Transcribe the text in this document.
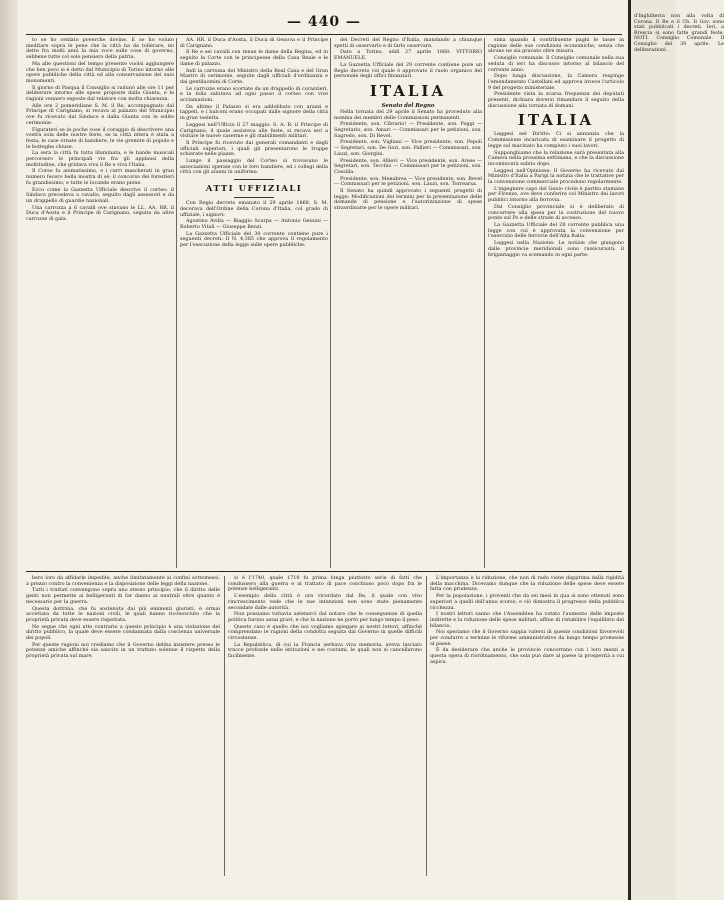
— 440 —

to se ho cenlato poverche dovine. E se ho voluto meditare sopra le pene che la città ha da tollerare, mi dette fra molti anni la mia voce sulle cose di governo, sebbene tutte col solo pensiero della patria.

Ma alle questioni del tempo presente vuolsi aggiungere che ben poco si è detto dal Municipio di Torino intorno alle opere pubbliche della città ed alla conservazione dei suoi monumenti.

Il giorno di Pasqua il Consiglio si radunò alle ore 11 per deliberare intorno alle spese proposte dalla Giunta, e le ragioni vennero esposte dal relatore con molta chiarezza.

Alle ore 2 pomeridiane S. M. il Re, accompagnato dal Principe di Carignano, si recava al palazzo del Municipio ove fu ricevuto dal Sindaco e dalla Giunta con le solite cerimonie.

Figuratevi se in poche cose il coraggio di descrivere una vostra sola delle nostre feste, se la città intera è stata a festa; le case ornate di bandiere, le vie gremite di popolo e le botteghe chiuse.

La sera la città fu tutta illuminata, e le bande musicali percorsero le principali vie fra gli applausi della moltitudine, che gridava viva il Re e viva l'Italia.

Il Corso fu animatissimo, e i carri mascherati in gran numero fecero bella mostra di sé; il concorso dei forestieri fu grandissimo, e tutte le locande erano piene.

Ecco come la Gazzetta Ufficiale descrive il corteo: il Sindaco precedeva a cavallo, seguito dagli assessori e da un drappello di guardie nazionali.

Una carrozza a 6 cavalli ove stavano le LL. AA. RR. il Duca d'Aosta e il Principe di Carignano, seguita da altre carrozze di gala.

AA. RR. il Duca d'Aosta, il Duca di Genova e il Principe di Carignano.

Il Re e sei cavalli con tenue le dame della Regina, ed in seguito la Corte con le principesse della Casa Reale e le dame di palazzo.

Indi la carrozza del Ministro della Real Casa e del Gran Mastro di cerimonie, seguite dagli ufficiali d'ordinanza e dai gentiluomini di Corte.

Le carrozze erano scortate da un drappello di corazzieri, e la folla salutava ad ogni passo il corteo con vive acclamazioni.

Da ultimo il Palazzo si era addobbato con arazzi e tappeti, e i balconi erano occupati dalle signore della città in gran toeletta.

Leggesi nell'Ufficio il 27 maggio: S. A. R. il Principe di Carignano, il quale assisteva alle feste, si recava ieri a visitare le nuove caserme e gli stabilimenti militari.

Il Principe fu ricevuto dai generali comandanti e dagli ufficiali superiori, i quali gli presentarono le truppe schierate nelle piazze.

Lungo il passaggio del Corteo si trovavano le associazioni operaie con le loro bandiere, ed i collegi della città con gli alunni in uniforme.

ATTI UFFIZIALI

Con Regio decreto emanato il 29 aprile 1868, S. M. decorava dell'Ordine della Corona d'Italia, col grado di uffiziale, i signori:

Agostino Avilla — Biaggio Scarpa — Antonio Gessini — Roberto Vitali — Giuseppe Benzi.

La Gazzetta Ufficiale del 30 corrente contiene pure i seguenti decreti: Il N. 4,385 che approva il regolamento per l'esecuzione della legge sulle opere pubbliche.

dei Decreti del Regno d'Italia, mandando a chiunque spetti di osservarlo e di farlo osservare.

Dato a Torino, addì 27 aprile 1868. VITTORIO EMANUELE.

La Gazzetta Ufficiale del 29 corrente contiene pure un Regio decreto col quale è approvato il ruolo organico del personale degli uffici finanziari.

ITALIA
Senato del Regno

Nella tornata del 29 aprile il Senato ha proceduto alla nomina dei membri delle Commissioni permanenti.

Presidente, son. Cibrario! — Presidente, son. Poggi — Segretario, son. Amari — Commissari per le petizioni, son. Sagredo, son. Di Revel.

Presidente, son. Vigliani — Vice presidente, son. Pepoli — Segretari, son. De Gori, son. Pallieri — Commissari, son. Lauzi, son. Giorgini.

Presidente, son. Allievi — Vice presidente, son. Arese — Segretari, son. Tecchio — Commissari per le petizioni, son. Cossilla.

Presidente, son. Menabrea — Vice presidente, son. Revel — Commissari per le petizioni, son. Lauzi, son. Torrearsa.

Il Senato ha quindi approvato i seguenti progetti di legge: Modificazioni dei termini per la presentazione delle domande di pensione e l'autorizzazione di spese straordinarie per le opere militari.

sima quando il contribuente paghi le tasse in ragione delle sue condizioni economiche, senza che alcuno ne sia gravato oltre misura.

Consiglio comunale. Il Consiglio comunale nella sua seduta di ieri ha discusso intorno al bilancio del corrente anno.

Dopo lunga discussione, la Camera respinge l'emendamento Castellani ed approva invece l'articolo 9 del progetto ministeriale.

Presidente vista la scarsa frequenza dei deputati presenti, dichiara doversi rimandare il seguito della discussione alla tornata di domani.

ITALIA

Leggesi nel Diritto: Ci si annunzia che la Commissione incaricata di esaminare il progetto di legge sul macinato ha compiuto i suoi lavori.

Supponghiamo che la relazione sarà presentata alla Camera nella prossima settimana, e che la discussione incomincerà subito dopo.

Leggesi nell'Opinione: Il Governo ha ricevuto dal Ministro d'Italia a Parigi la notizia che le trattative per la convenzione commerciale procedono regolarmente.

L'ingegnere capo del Genio civile è partito stamane per Firenze, ove deve conferire col Ministro dei lavori pubblici intorno alla ferrovia.

Dal Consiglio provinciale si è deliberato di concorrere alla spesa per la costruzione del nuovo ponte sul Po e delle strade di accesso.

La Gazzetta Ufficiale del 28 corrente pubblica una legge con cui è approvata la convenzione per l'esercizio delle ferrovie dell'Alta Italia.

Leggesi nella Nazione: Le notizie che giungono dalle provincie meridionali sono rassicuranti; il brigantaggio va scemando in ogni parte.

bero loro da affidarle impedite, anche limitatamente ai confini sottomessi, a prezzo contro la convenienza e la disposizione delle leggi della nazione.

Tutti i trattati convengono sopra uno stesso principio, che il diritto delle genti non permette ai belligeranti di far danno ai neutrali oltre quanto è necessario per la guerra.

Questa dottrina, che fu sostenuta dai più eminenti giuristi, è ormai accettata da tutte le nazioni civili, le quali hanno riconosciuto che la proprietà privata deve essere rispettata.

Ne segue che ogni atto contrario a questo principio è una violazione del diritto pubblico, la quale deve essere condannata dalla coscienza universale dei popoli.

Per queste ragioni noi crediamo che il Governo debba insistere presso le potenze amiche affinché sia sancito in un trattato solenne il rispetto della proprietà privata sul mare.

si è l'1740, quale 1719 fu prima lunga piuttosto serie di fatti che condussero alla guerra e al trattato di pace conchiuso poco dopo fra le potenze belligeranti.

L'esempio della città è ora ricordato dal Re, il quale con vivo rincrescimento vede che le sue intenzioni non sono state pienamente secondate dalle autorità.

Non possiamo tuttavia astenerci dal notare che le conseguenze di quella politica furono assai gravi, e che la nazione ne portò per lungo tempo il peso.

Questo caso è quello che noi vogliamo spiegare ai nostri lettori, affinché comprendano le ragioni della condotta seguita dal Governo in quelle difficili circostanze.

La Repubblica, di cui la Francia serbava viva memoria, aveva lasciato tracce profonde nelle istituzioni e nei costumi, le quali non si cancellarono facilmente.

L'importanza è la riduzione, che non di rado viene dapprima dalla rigidità della macchina. Dicevamo dunque che la riduzione delle spese deve essere fatta con prudenza.

Per la popolazione, i proventi che da sei mesi in qua si sono ottenuti sono superiori a quelli dell'anno scorso, e ciò dimostra il progresso della pubblica ricchezza.

I nostri lettori sanno che l'Assemblea ha votato l'aumento delle imposte indirette e la riduzione delle spese militari, affine di ristabilire l'equilibrio del bilancio.

Noi speriamo che il Governo sappia valersi di queste condizioni favorevoli per condurre a termine le riforme amministrative da lungo tempo promesse al paese.

È da desiderare che anche le provincie concorrano con i loro mezzi a questa opera di riordinamento, che sola può dare al paese la prosperità a cui aspira.

d'Inghilterra non alla volta di Corona. Il Re e il Ch. Il Gov. sono stati pubblicati i decreti. Ieri, a Brescia si sono fatte grandi feste. NOTI. Consiglio Comunale. Il Consiglio del 30 aprile. Le deliberazioni.
